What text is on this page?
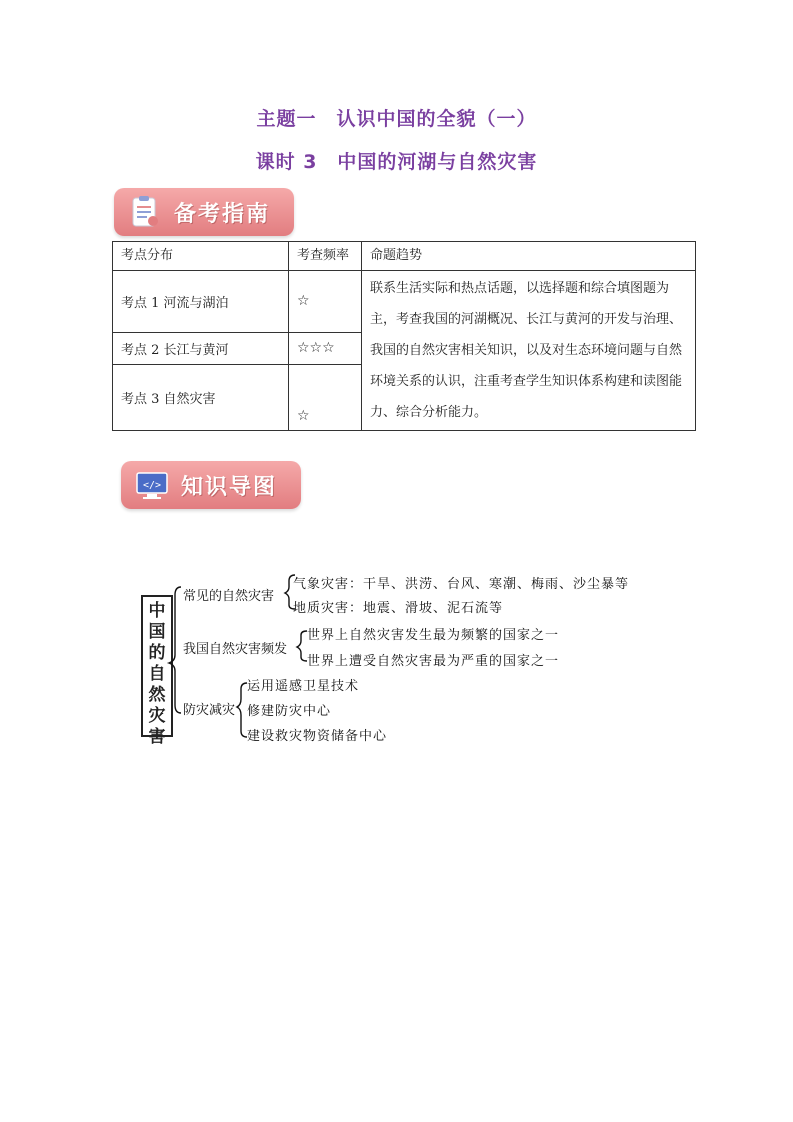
主题一　认识中国的全貌（一）
课时 3　中国的河湖与自然灾害
备考指南
考点分布	考查频率	命题趋势
考点 1 河流与湖泊	☆	联系生活实际和热点话题，以选择题和综合填图题为主，考查我国的河湖概况、长江与黄河的开发与治理、我国的自然灾害相关知识，以及对生态环境问题与自然环境关系的认识，注重考查学生知识体系构建和读图能力、综合分析能力。
考点 2 长江与黄河	☆☆☆	
考点 3 自然灾害	☆	
</> 知识导图
中国的自然灾害
常见的自然灾害
气象灾害：干旱、洪涝、台风、寒潮、梅雨、沙尘暴等
地质灾害：地震、滑坡、泥石流等
我国自然灾害频发
世界上自然灾害发生最为频繁的国家之一
世界上遭受自然灾害最为严重的国家之一
防灾减灾
运用遥感卫星技术
修建防灾中心
建设救灾物资储备中心
